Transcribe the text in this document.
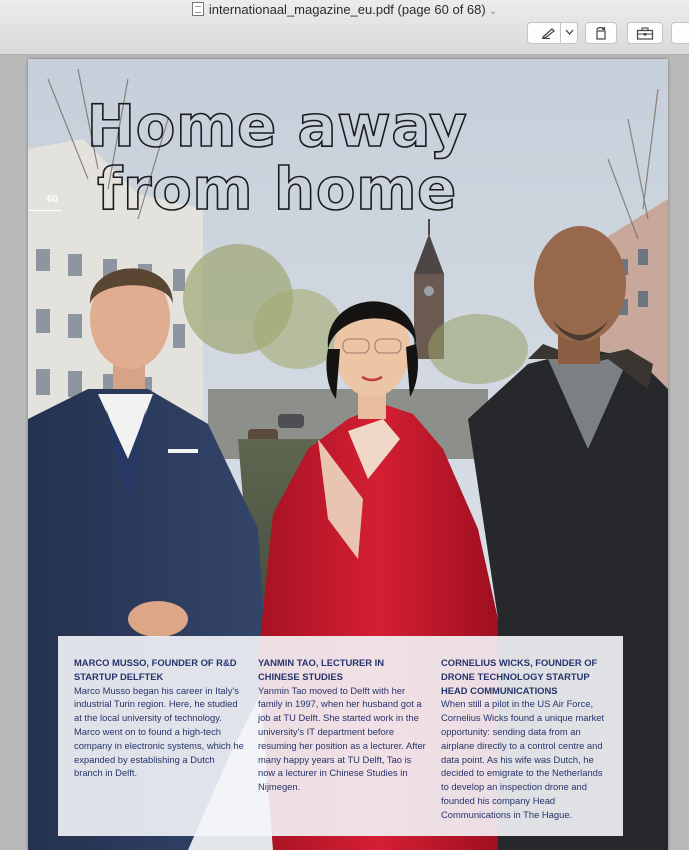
internationaal_magazine_eu.pdf (page 60 of 68) ⌄
Home away
from home
60
MARCO MUSSO, FOUNDER OF R&D STARTUP DELFTEK
Marco Musso began his career in Italy's industrial Turin region. Here, he studied at the local university of technology. Marco went on to found a high-tech company in electronic systems, which he expanded by establishing a Dutch branch in Delft.
YANMIN TAO, LECTURER IN CHINESE STUDIES
Yanmin Tao moved to Delft with her family in 1997, when her husband got a job at TU Delft. She started work in the university's IT department before resuming her position as a lecturer. After many happy years at TU Delft, Tao is now a lecturer in Chinese Studies in Nijmegen.
CORNELIUS WICKS, FOUNDER OF DRONE TECHNOLOGY STARTUP HEAD COMMUNICATIONS
When still a pilot in the US Air Force, Cornelius Wicks found a unique market opportunity: sending data from an airplane directly to a control centre and data point. As his wife was Dutch, he decided to emigrate to the Netherlands to develop an inspection drone and founded his company Head Communications in The Hague.
